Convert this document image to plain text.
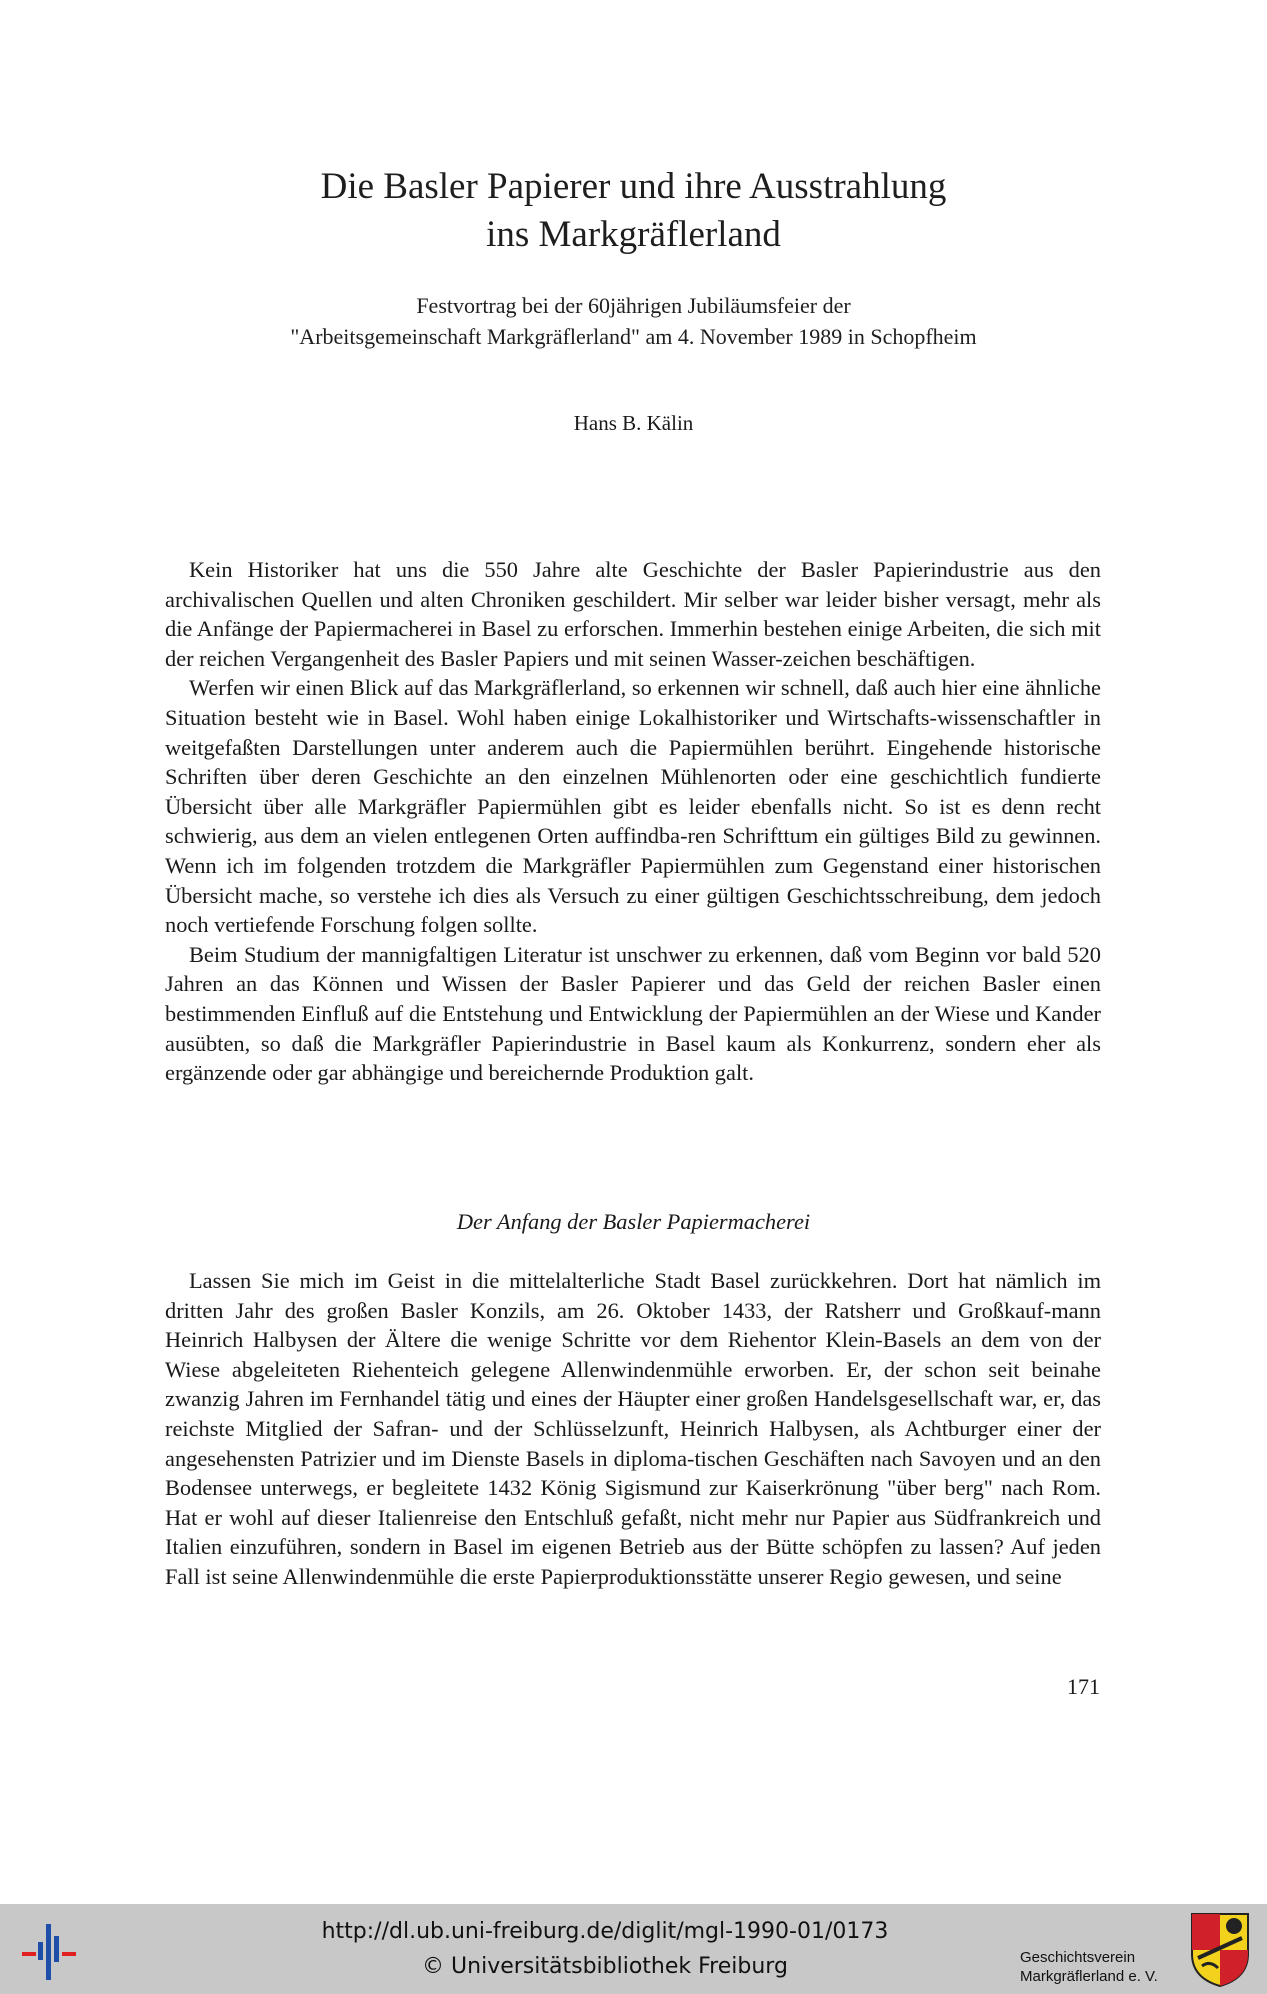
Die Basler Papierer und ihre Ausstrahlung
ins Markgräflerland
Festvortrag bei der 60jährigen Jubiläumsfeier der
"Arbeitsgemeinschaft Markgräflerland" am 4. November 1989 in Schopfheim
Hans B. Kälin

Kein Historiker hat uns die 550 Jahre alte Geschichte der Basler Papierindustrie aus den archivalischen Quellen und alten Chroniken geschildert. Mir selber war leider bisher versagt, mehr als die Anfänge der Papiermacherei in Basel zu erforschen. Immerhin bestehen einige Arbeiten, die sich mit der reichen Vergangenheit des Basler Papiers und mit seinen Wasser-zeichen beschäftigen.

Werfen wir einen Blick auf das Markgräflerland, so erkennen wir schnell, daß auch hier eine ähnliche Situation besteht wie in Basel. Wohl haben einige Lokalhistoriker und Wirtschafts-wissenschaftler in weitgefaßten Darstellungen unter anderem auch die Papiermühlen berührt. Eingehende historische Schriften über deren Geschichte an den einzelnen Mühlenorten oder eine geschichtlich fundierte Übersicht über alle Markgräfler Papiermühlen gibt es leider ebenfalls nicht. So ist es denn recht schwierig, aus dem an vielen entlegenen Orten auffindba-ren Schrifttum ein gültiges Bild zu gewinnen. Wenn ich im folgenden trotzdem die Markgräfler Papiermühlen zum Gegenstand einer historischen Übersicht mache, so verstehe ich dies als Versuch zu einer gültigen Geschichtsschreibung, dem jedoch noch vertiefende Forschung folgen sollte.

Beim Studium der mannigfaltigen Literatur ist unschwer zu erkennen, daß vom Beginn vor bald 520 Jahren an das Können und Wissen der Basler Papierer und das Geld der reichen Basler einen bestimmenden Einfluß auf die Entstehung und Entwicklung der Papiermühlen an der Wiese und Kander ausübten, so daß die Markgräfler Papierindustrie in Basel kaum als Konkurrenz, sondern eher als ergänzende oder gar abhängige und bereichernde Produktion galt.

Der Anfang der Basler Papiermacherei

Lassen Sie mich im Geist in die mittelalterliche Stadt Basel zurückkehren. Dort hat nämlich im dritten Jahr des großen Basler Konzils, am 26. Oktober 1433, der Ratsherr und Großkauf-mann Heinrich Halbysen der Ältere die wenige Schritte vor dem Riehentor Klein-Basels an dem von der Wiese abgeleiteten Riehenteich gelegene Allenwindenmühle erworben. Er, der schon seit beinahe zwanzig Jahren im Fernhandel tätig und eines der Häupter einer großen Handelsgesellschaft war, er, das reichste Mitglied der Safran- und der Schlüsselzunft, Heinrich Halbysen, als Achtburger einer der angesehensten Patrizier und im Dienste Basels in diploma-tischen Geschäften nach Savoyen und an den Bodensee unterwegs, er begleitete 1432 König Sigismund zur Kaiserkrönung "über berg" nach Rom. Hat er wohl auf dieser Italienreise den Entschluß gefaßt, nicht mehr nur Papier aus Südfrankreich und Italien einzuführen, sondern in Basel im eigenen Betrieb aus der Bütte schöpfen zu lassen? Auf jeden Fall ist seine Allenwindenmühle die erste Papierproduktionsstätte unserer Regio gewesen, und seine

171
http://dl.ub.uni-freiburg.de/diglit/mgl-1990-01/0173
© Universitätsbibliothek Freiburg	Geschichtsverein
Markgräflerland e. V.
